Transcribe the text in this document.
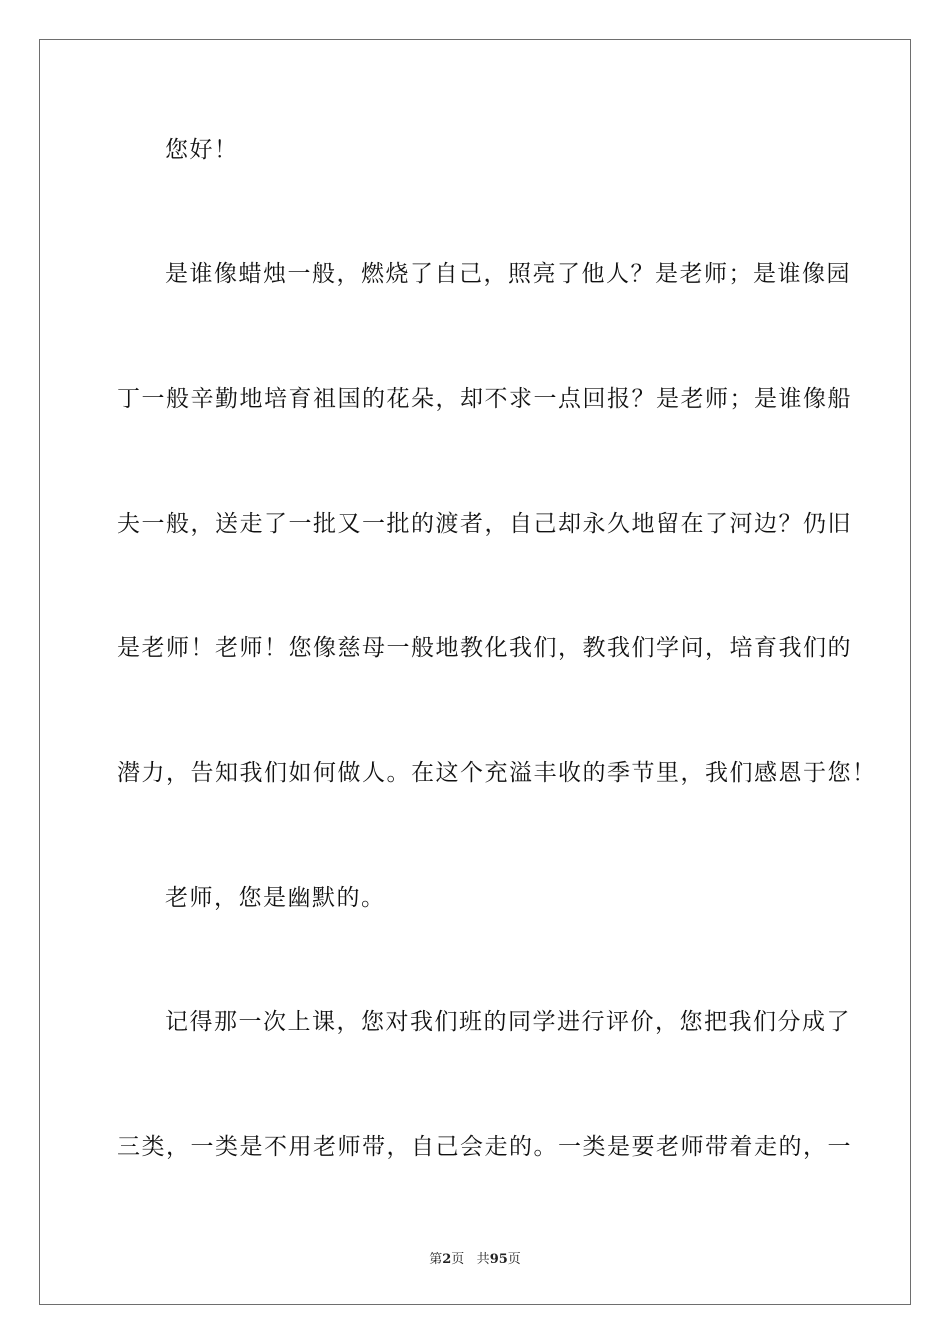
您好！
是谁像蜡烛一般，燃烧了自己，照亮了他人？是老师；是谁像园
丁一般辛勤地培育祖国的花朵，却不求一点回报？是老师；是谁像船
夫一般，送走了一批又一批的渡者，自己却永久地留在了河边？仍旧
是老师！老师！您像慈母一般地教化我们，教我们学问，培育我们的
潜力，告知我们如何做人。在这个充溢丰收的季节里，我们感恩于您！
老师，您是幽默的。
记得那一次上课，您对我们班的同学进行评价，您把我们分成了
三类，一类是不用老师带，自己会走的。一类是要老师带着走的，一
第2页 共95页
